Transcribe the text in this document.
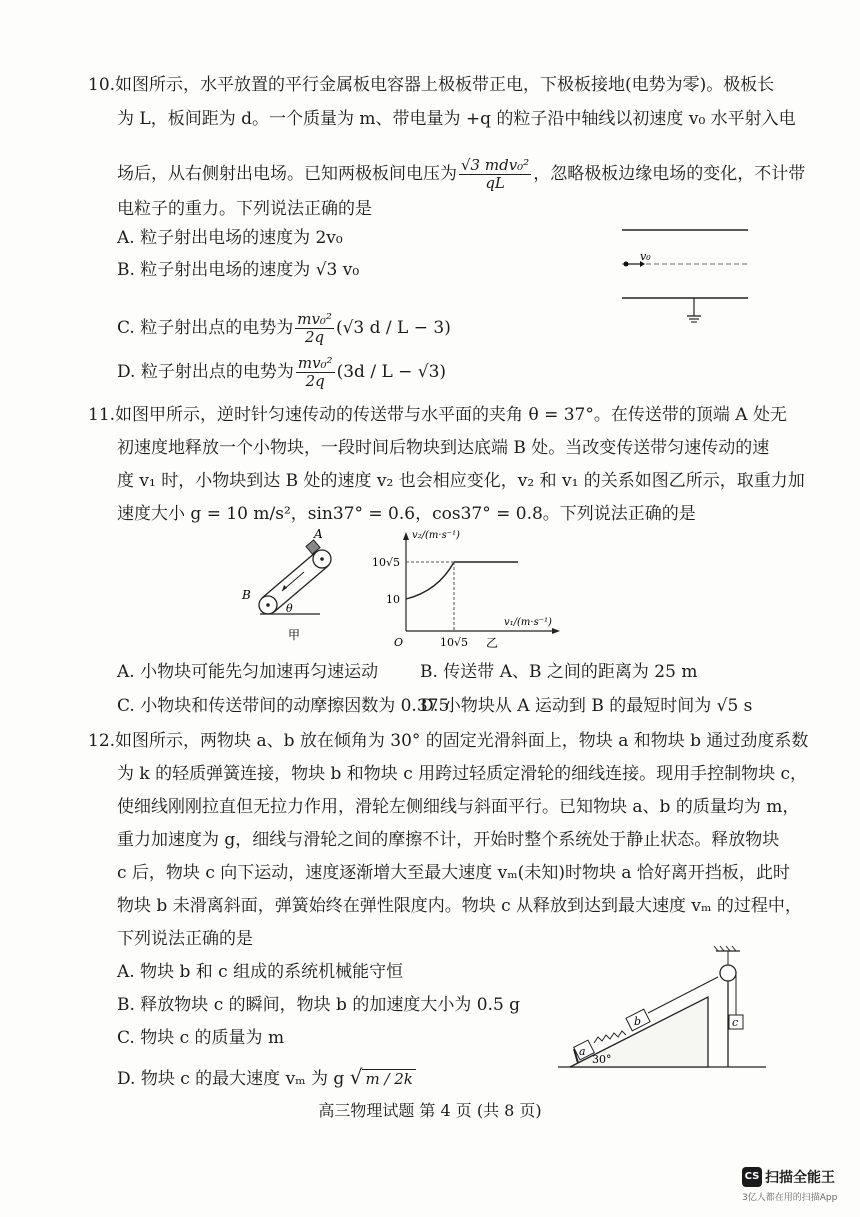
10.如图所示，水平放置的平行金属板电容器上极板带正电，下极板接地(电势为零)。极板长
为 L，板间距为 d。一个质量为 m、带电量为 +q 的粒子沿中轴线以初速度 v₀ 水平射入电
场后，从右侧射出电场。已知两极板间电压为 $\frac{\text{√3 mdv₀²}}{qL}$ ，忽略极板边缘电场的变化，不计带
电粒子的重力。下列说法正确的是
A. 粒子射出电场的速度为 2v₀
B. 粒子射出电场的速度为 √3 v₀
C. 粒子射出点的电势为 $\frac{\text{mv₀²}}{2q} (√3$ d / L − 3)
D. 粒子射出点的电势为 $\frac{\text{mv₀²}}{2q} (3d / L - √3)$
v₀
11.如图甲所示，逆时针匀速传动的传送带与水平面的夹角 θ = 37°。在传送带的顶端 A 处无
初速度地释放一个小物块，一段时间后物块到达底端 B 处。当改变传送带匀速传动的速
度 v₁ 时，小物块到达 B 处的速度 v₂ 也会相应变化，v₂ 和 v₁ 的关系如图乙所示，取重力加
速度大小 g = 10 m/s²，sin37° = 0.6，cos37° = 0.8。下列说法正确的是
A
B
θ
甲
v₂/(m·s⁻¹)
v₁/(m·s⁻¹)
10√5
10
10√5
O	乙
A. 小物块可能先匀加速再匀速运动 B. 传送带 A、B 之间的距离为 25 m
C. 小物块和传送带间的动摩擦因数为 0.375
D. 小物块从 A 运动到 B 的最短时间为 √5 s
12.如图所示，两物块 a、b 放在倾角为 30° 的固定光滑斜面上，物块 a 和物块 b 通过劲度系数
为 k 的轻质弹簧连接，物块 b 和物块 c 用跨过轻质定滑轮的细线连接。现用手控制物块 c，
使细线刚刚拉直但无拉力作用，滑轮左侧细线与斜面平行。已知物块 a、b 的质量均为 m，
重力加速度为 g，细线与滑轮之间的摩擦不计，开始时整个系统处于静止状态。释放物块
c 后，物块 c 向下运动，速度逐渐增大至最大速度 vₘ(未知)时物块 a 恰好离开挡板，此时
物块 b 未滑离斜面，弹簧始终在弹性限度内。物块 c 从释放到达到最大速度 vₘ 的过程中，
下列说法正确的是
A. 物块 b 和 c 组成的系统机械能守恒
B. 释放物块 c 的瞬间，物块 b 的加速度大小为 0.5 g
C. 物块 c 的质量为 m
D. 物块 c 的最大速度 vₘ 为 g √ m / 2k
a
b	c
30°
高三物理试题 第 4 页 (共 8 页)
CS 扫描全能王
3亿人都在用的扫描App
